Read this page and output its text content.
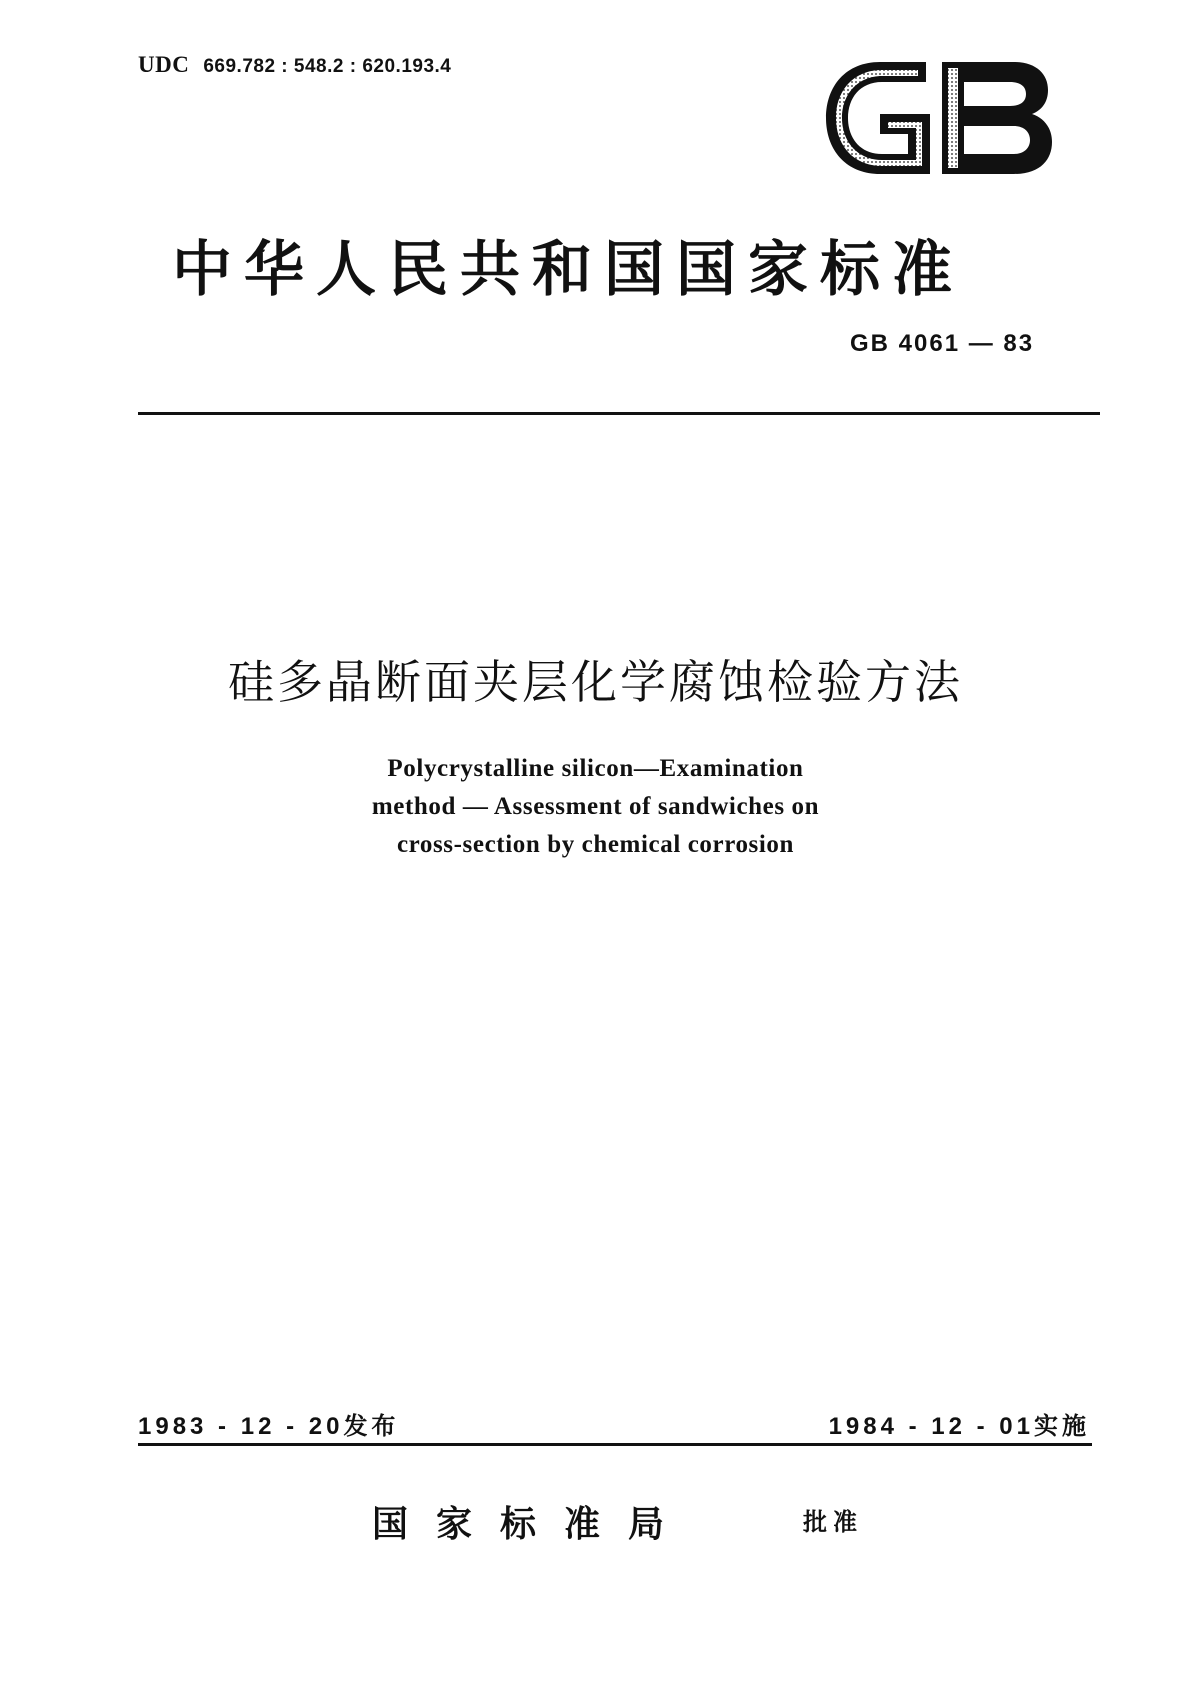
UDC 669.782 : 548.2 : 620.193.4
中华人民共和国国家标准
GB 4061 — 83
硅多晶断面夹层化学腐蚀检验方法
Polycrystalline silicon—Examination
method — Assessment of sandwiches on
cross-section by chemical corrosion
1983 - 12 - 20发布	1984 - 12 - 01实施
国家标准局	批准
